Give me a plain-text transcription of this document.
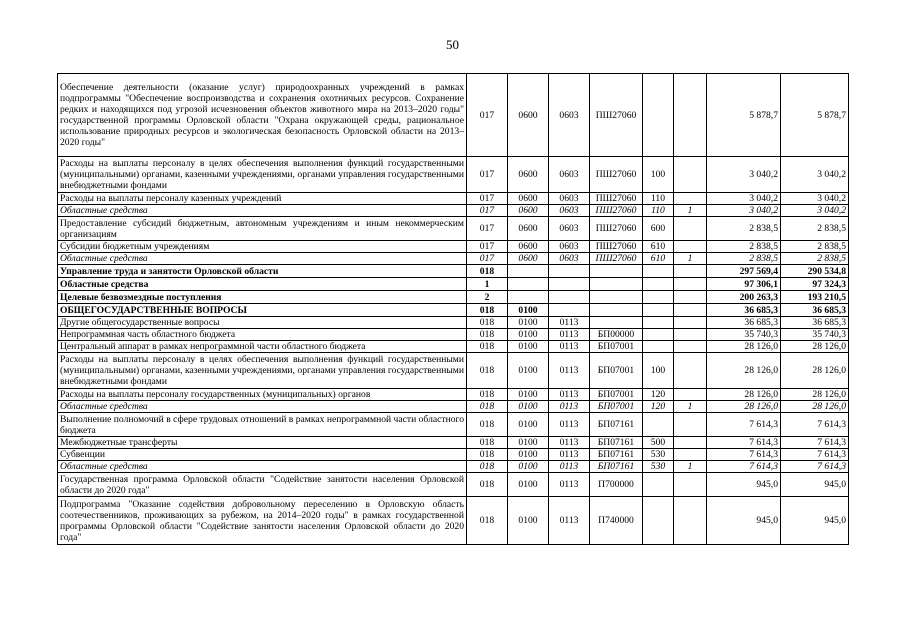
50
Обеспечение деятельности (оказание услуг) природоохранных учреждений в рамках подпрограммы "Обеспечение воспроизводства и сохранения охотничьих ресурсов. Сохранение редких и находящихся под угрозой исчезновения объектов животного мира на 2013–2020 годы" государственной программы Орловской области "Охрана окружающей среды, рациональное использование природных ресурсов и экологическая безопасность Орловской области на 2013–2020 годы"	017	0600	0603	ПШ27060			5 878,7	5 878,7
Расходы на выплаты персоналу в целях обеспечения выполнения функций государственными (муниципальными) органами, казенными учреждениями, органами управления государственными внебюджетными фондами	017	0600	0603	ПШ27060	100		3 040,2	3 040,2
Расходы на выплаты персоналу казенных учреждений	017	0600	0603	ПШ27060	110		3 040,2	3 040,2
Областные средства	017	0600	0603	ПШ27060	110	1	3 040,2	3 040,2
Предоставление субсидий бюджетным, автономным учреждениям и иным некоммерческим организациям	017	0600	0603	ПШ27060	600		2 838,5	2 838,5
Субсидии бюджетным учреждениям	017	0600	0603	ПШ27060	610		2 838,5	2 838,5
Областные средства	017	0600	0603	ПШ27060	610	1	2 838,5	2 838,5
Управление труда и занятости Орловской области	018						297 569,4	290 534,8
Областные средства	1						97 306,1	97 324,3
Целевые безвозмездные поступления	2						200 263,3	193 210,5
ОБЩЕГОСУДАРСТВЕННЫЕ ВОПРОСЫ	018	0100					36 685,3	36 685,3
Другие общегосударственные вопросы	018	0100	0113				36 685,3	36 685,3
Непрограммная часть областного бюджета	018	0100	0113	БП00000			35 740,3	35 740,3
Центральный аппарат в рамках непрограммной части областного бюджета	018	0100	0113	БП07001			28 126,0	28 126,0
Расходы на выплаты персоналу в целях обеспечения выполнения функций государственными (муниципальными) органами, казенными учреждениями, органами управления государственными внебюджетными фондами	018	0100	0113	БП07001	100		28 126,0	28 126,0
Расходы на выплаты персоналу государственных (муниципальных) органов	018	0100	0113	БП07001	120		28 126,0	28 126,0
Областные средства	018	0100	0113	БП07001	120	1	28 126,0	28 126,0
Выполнение полномочий в сфере трудовых отношений в рамках непрограммной части областного бюджета	018	0100	0113	БП07161			7 614,3	7 614,3
Межбюджетные трансферты	018	0100	0113	БП07161	500		7 614,3	7 614,3
Субвенции	018	0100	0113	БП07161	530		7 614,3	7 614,3
Областные средства	018	0100	0113	БП07161	530	1	7 614,3	7 614,3
Государственная программа Орловской области "Содействие занятости населения Орловской области до 2020 года"	018	0100	0113	П700000			945,0	945,0
Подпрограмма "Оказание содействия добровольному переселению в Орловскую область соотечественников, проживающих за рубежом, на 2014–2020 годы" в рамках государственной программы Орловской области "Содействие занятости населения Орловской области до 2020 года"	018	0100	0113	П740000			945,0	945,0
